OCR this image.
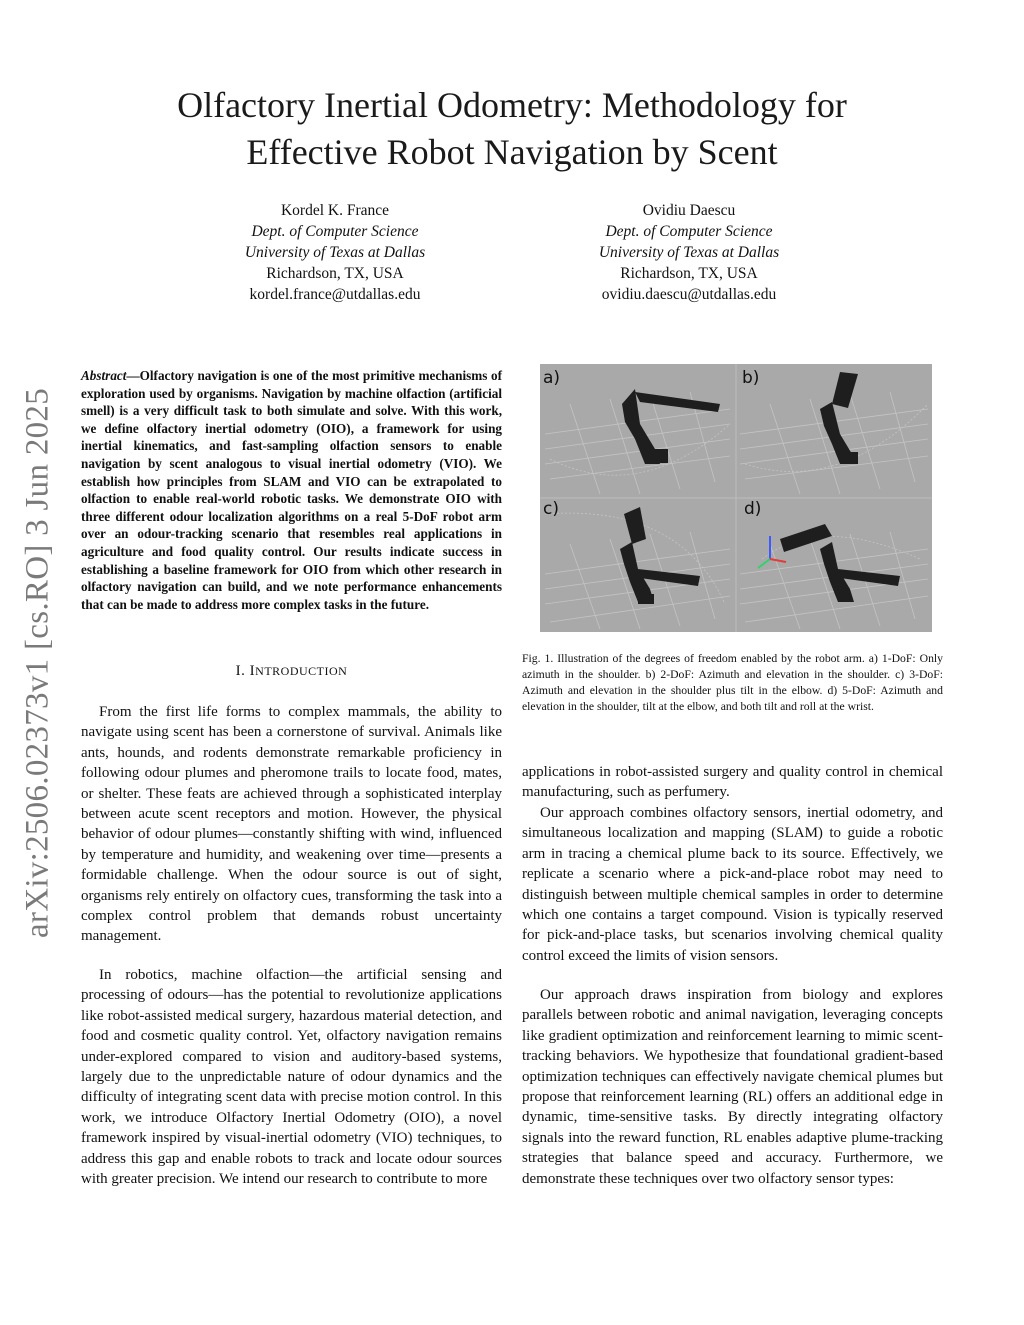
Olfactory Inertial Odometry: Methodology for
Effective Robot Navigation by Scent
Kordel K. France
Dept. of Computer Science
University of Texas at Dallas
Richardson, TX, USA
kordel.france@utdallas.edu
Ovidiu Daescu
Dept. of Computer Science
University of Texas at Dallas
Richardson, TX, USA
ovidiu.daescu@utdallas.edu
arXiv:2506.02373v1 [cs.RO] 3 Jun 2025
Abstract—Olfactory navigation is one of the most primitive mechanisms of exploration used by organisms. Navigation by machine olfaction (artificial smell) is a very difficult task to both simulate and solve. With this work, we define olfactory inertial odometry (OIO), a framework for using inertial kinematics, and fast-sampling olfaction sensors to enable navigation by scent analogous to visual inertial odometry (VIO). We establish how principles from SLAM and VIO can be extrapolated to olfaction to enable real-world robotic tasks. We demonstrate OIO with three different odour localization algorithms on a real 5-DoF robot arm over an odour-tracking scenario that resembles real applications in agriculture and food quality control. Our results indicate success in establishing a baseline framework for OIO from which other research in olfactory navigation can build, and we note performance enhancements that can be made to address more complex tasks in the future.
I. INTRODUCTION

From the first life forms to complex mammals, the ability to navigate using scent has been a cornerstone of survival. Animals like ants, hounds, and rodents demonstrate remarkable proficiency in following odour plumes and pheromone trails to locate food, mates, or shelter. These feats are achieved through a sophisticated interplay between acute scent receptors and motion. However, the physical behavior of odour plumes—constantly shifting with wind, influenced by temperature and humidity, and weakening over time—presents a formidable challenge. When the odour source is out of sight, organisms rely entirely on olfactory cues, transforming the task into a complex control problem that demands robust uncertainty management.

In robotics, machine olfaction—the artificial sensing and processing of odours—has the potential to revolutionize applications like robot-assisted medical surgery, hazardous material detection, and food and cosmetic quality control. Yet, olfactory navigation remains under-explored compared to vision and auditory-based systems, largely due to the unpredictable nature of odour dynamics and the difficulty of integrating scent data with precise motion control. In this work, we introduce Olfactory Inertial Odometry (OIO), a novel framework inspired by visual-inertial odometry (VIO) techniques, to address this gap and enable robots to track and locate odour sources with greater precision. We intend our research to contribute to more

a)	b)
c)	d)
Fig. 1. Illustration of the degrees of freedom enabled by the robot arm. a) 1-DoF: Only azimuth in the shoulder. b) 2-DoF: Azimuth and elevation in the shoulder. c) 3-DoF: Azimuth and elevation in the shoulder plus tilt in the elbow. d) 5-DoF: Azimuth and elevation in the shoulder, tilt at the elbow, and both tilt and roll at the wrist.

applications in robot-assisted surgery and quality control in chemical manufacturing, such as perfumery.

Our approach combines olfactory sensors, inertial odometry, and simultaneous localization and mapping (SLAM) to guide a robotic arm in tracing a chemical plume back to its source. Effectively, we replicate a scenario where a pick-and-place robot may need to distinguish between multiple chemical samples in order to determine which one contains a target compound. Vision is typically reserved for pick-and-place tasks, but scenarios involving chemical quality control exceed the limits of vision sensors.

Our approach draws inspiration from biology and explores parallels between robotic and animal navigation, leveraging concepts like gradient optimization and reinforcement learning to mimic scent-tracking behaviors. We hypothesize that foundational gradient-based optimization techniques can effectively navigate chemical plumes but propose that reinforcement learning (RL) offers an additional edge in dynamic, time-sensitive tasks. By directly integrating olfactory signals into the reward function, RL enables adaptive plume-tracking strategies that balance speed and accuracy. Furthermore, we demonstrate these techniques over two olfactory sensor types:
